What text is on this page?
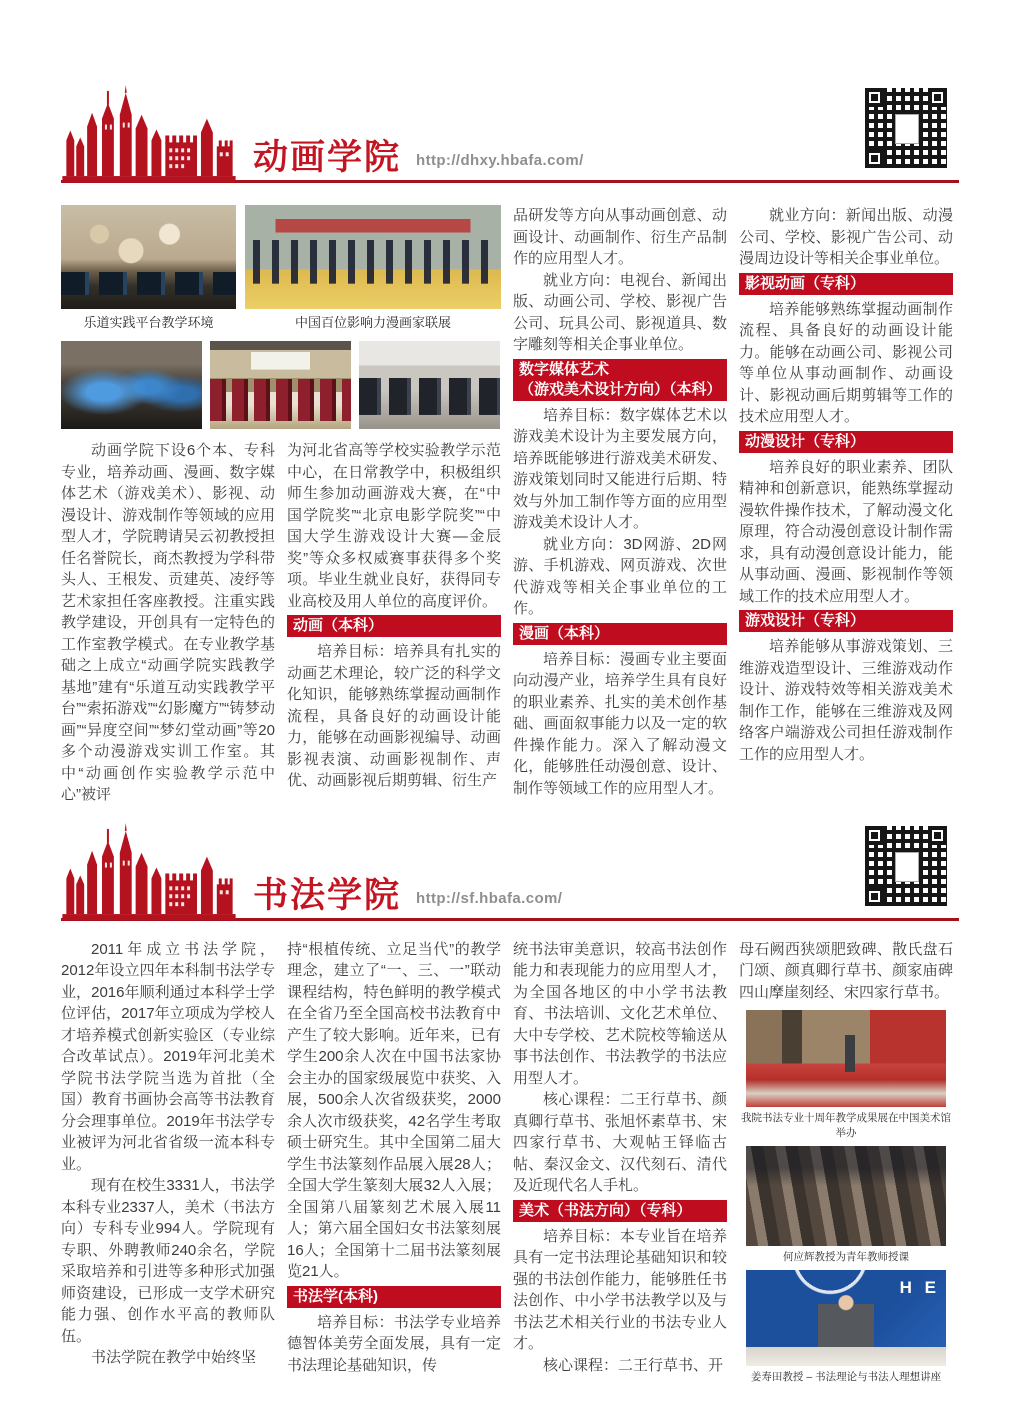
动画学院 http://dhxy.hbafa.com/
乐道实践平台教学环境	中国百位影响力漫画家联展

动画学院下设6个本、专科专业，培养动画、漫画、数字媒体艺术（游戏美术）、影视、动漫设计、游戏制作等领域的应用型人才，学院聘请吴云初教授担任名誉院长，商杰教授为学科带头人、王根发、贡建英、凌纾等艺术家担任客座教授。注重实践教学建设，开创具有一定特色的工作室教学模式。在专业教学基础之上成立“动画学院实践教学基地”建有“乐道互动实践教学平台”“索拓游戏”“幻影魔方”“铸梦动画”“异度空间”“梦幻堂动画”等20多个动漫游戏实训工作室。其中“动画创作实验教学示范中心”被评

为河北省高等学校实验教学示范中心，在日常教学中，积极组织师生参加动画游戏大赛，在“中国学院奖”“北京电影学院奖”“中国大学生游戏设计大赛—金辰奖”等众多权威赛事获得多个奖项。毕业生就业良好，获得同专业高校及用人单位的高度评价。

动画（本科）

培养目标：培养具有扎实的动画艺术理论，较广泛的科学文化知识，能够熟练掌握动画制作流程，具备良好的动画设计能力，能够在动画影视编导、动画影视表演、动画影视制作、声优、动画影视后期剪辑、衍生产

品研发等方向从事动画创意、动画设计、动画制作、衍生产品制作的应用型人才。

就业方向：电视台、新闻出版、动画公司、学校、影视广告公司、玩具公司、影视道具、数字雕刻等相关企事业单位。

数字媒体艺术
（游戏美术设计方向）（本科）

培养目标：数字媒体艺术以游戏美术设计为主要发展方向，培养既能够进行游戏美术研发、游戏策划同时又能进行后期、特效与外加工制作等方面的应用型游戏美术设计人才。

就业方向：3D网游、2D网游、手机游戏、网页游戏、次世代游戏等相关企事业单位的工作。

漫画（本科）

培养目标：漫画专业主要面向动漫产业，培养学生具有良好的职业素养、扎实的美术创作基础、画面叙事能力以及一定的软件操作能力。深入了解动漫文化，能够胜任动漫创意、设计、制作等领域工作的应用型人才。

就业方向：新闻出版、动漫公司、学校、影视广告公司、动漫周边设计等相关企事业单位。

影视动画（专科）

培养能够熟练掌握动画制作流程、具备良好的动画设计能力。能够在动画公司、影视公司等单位从事动画制作、动画设计、影视动画后期剪辑等工作的技术应用型人才。

动漫设计（专科）

培养良好的职业素养、团队精神和创新意识，能熟练掌握动漫软件操作技术，了解动漫文化原理，符合动漫创意设计制作需求，具有动漫创意设计能力，能从事动画、漫画、影视制作等领域工作的技术应用型人才。

游戏设计（专科）

培养能够从事游戏策划、三维游戏造型设计、三维游戏动作设计、游戏特效等相关游戏美术制作工作，能够在三维游戏及网络客户端游戏公司担任游戏制作工作的应用型人才。

书法学院 http://sf.hbafa.com/

2011年成立书法学院，2012年设立四年本科制书法学专业，2016年顺利通过本科学士学位评估，2017年立项成为学校人才培养模式创新实验区（专业综合改革试点）。2019年河北美术学院书法学院当选为首批（全国）教育书画协会高等书法教育分会理事单位。2019年书法学专业被评为河北省省级一流本科专业。

现有在校生3331人，书法学本科专业2337人，美术（书法方向）专科专业994人。学院现有专职、外聘教师240余名，学院采取培养和引进等多种形式加强师资建设，已形成一支学术研究能力强、创作水平高的教师队伍。

书法学院在教学中始终坚

持“根植传统、立足当代”的教学理念，建立了“一、三、一”联动课程结构，特色鲜明的教学模式在全省乃至全国高校书法教育中产生了较大影响。近年来，已有学生200余人次在中国书法家协会主办的国家级展览中获奖、入展，500余人次省级获奖，2000余人次市级获奖，42名学生考取硕士研究生。其中全国第二届大学生书法篆刻作品展入展28人；全国大学生篆刻大展32人入展；全国第八届篆刻艺术展入展11人；第六届全国妇女书法篆刻展16人；全国第十二届书法篆刻展览21人。

书法学(本科)

培养目标：书法学专业培养德智体美劳全面发展，具有一定书法理论基础知识，传

统书法审美意识，较高书法创作能力和表现能力的应用型人才，为全国各地区的中小学书法教育、书法培训、文化艺术单位、大中专学校、艺术院校等输送从事书法创作、书法教学的书法应用型人才。

核心课程：二王行草书、颜真卿行草书、张旭怀素草书、宋四家行草书、大观帖王铎临古帖、秦汉金文、汉代刻石、清代及近现代名人手札。

美术（书法方向）（专科）

培养目标：本专业旨在培养具有一定书法理论基础知识和较强的书法创作能力，能够胜任书法创作、中小学书法教学以及与书法艺术相关行业的书法专业人才。

核心课程：二王行草书、开

母石阙西狭颂肥致碑、散氏盘石门颂、颜真卿行草书、颜家庙碑四山摩崖刻经、宋四家行草书。

我院书法专业十周年教学成果展在中国美术馆举办
何应辉教授为青年教师授课
H E
姜寿田教授 – 书法理论与书法人理想讲座
